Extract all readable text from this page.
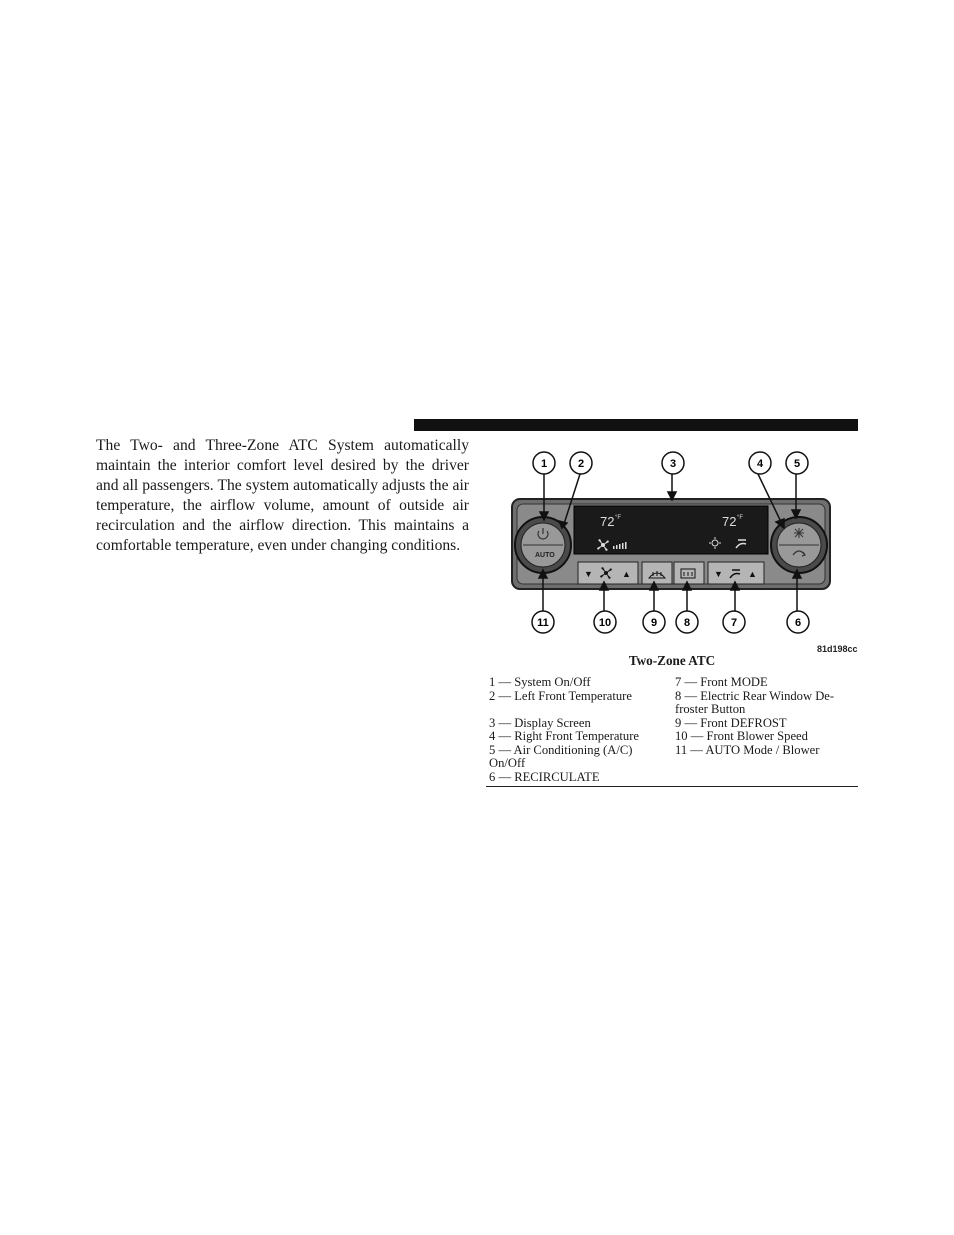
The Two- and Three-Zone ATC System automatically maintain the interior comfort level desired by the driver and all passengers. The system automatically adjusts the air temperature, the airflow volume, amount of outside air recirculation and the airflow direction. This maintains a comfortable temperature, even under changing conditions.

72 °F	72 °F
AUTO
▼	▲	▼	▲
1	2	3	4	5
11	10	9 8	7	6
81d198cc
Two-Zone ATC

1 — System On/Off

2 — Left Front Temperature

3 — Display Screen

4 — Right Front Temperature

5 — Air Conditioning (A/C) On/Off

6 — RECIRCULATE

7 — Front MODE

8 — Electric Rear Window De-froster Button

9 — Front DEFROST

10 — Front Blower Speed

11 — AUTO Mode / Blower
